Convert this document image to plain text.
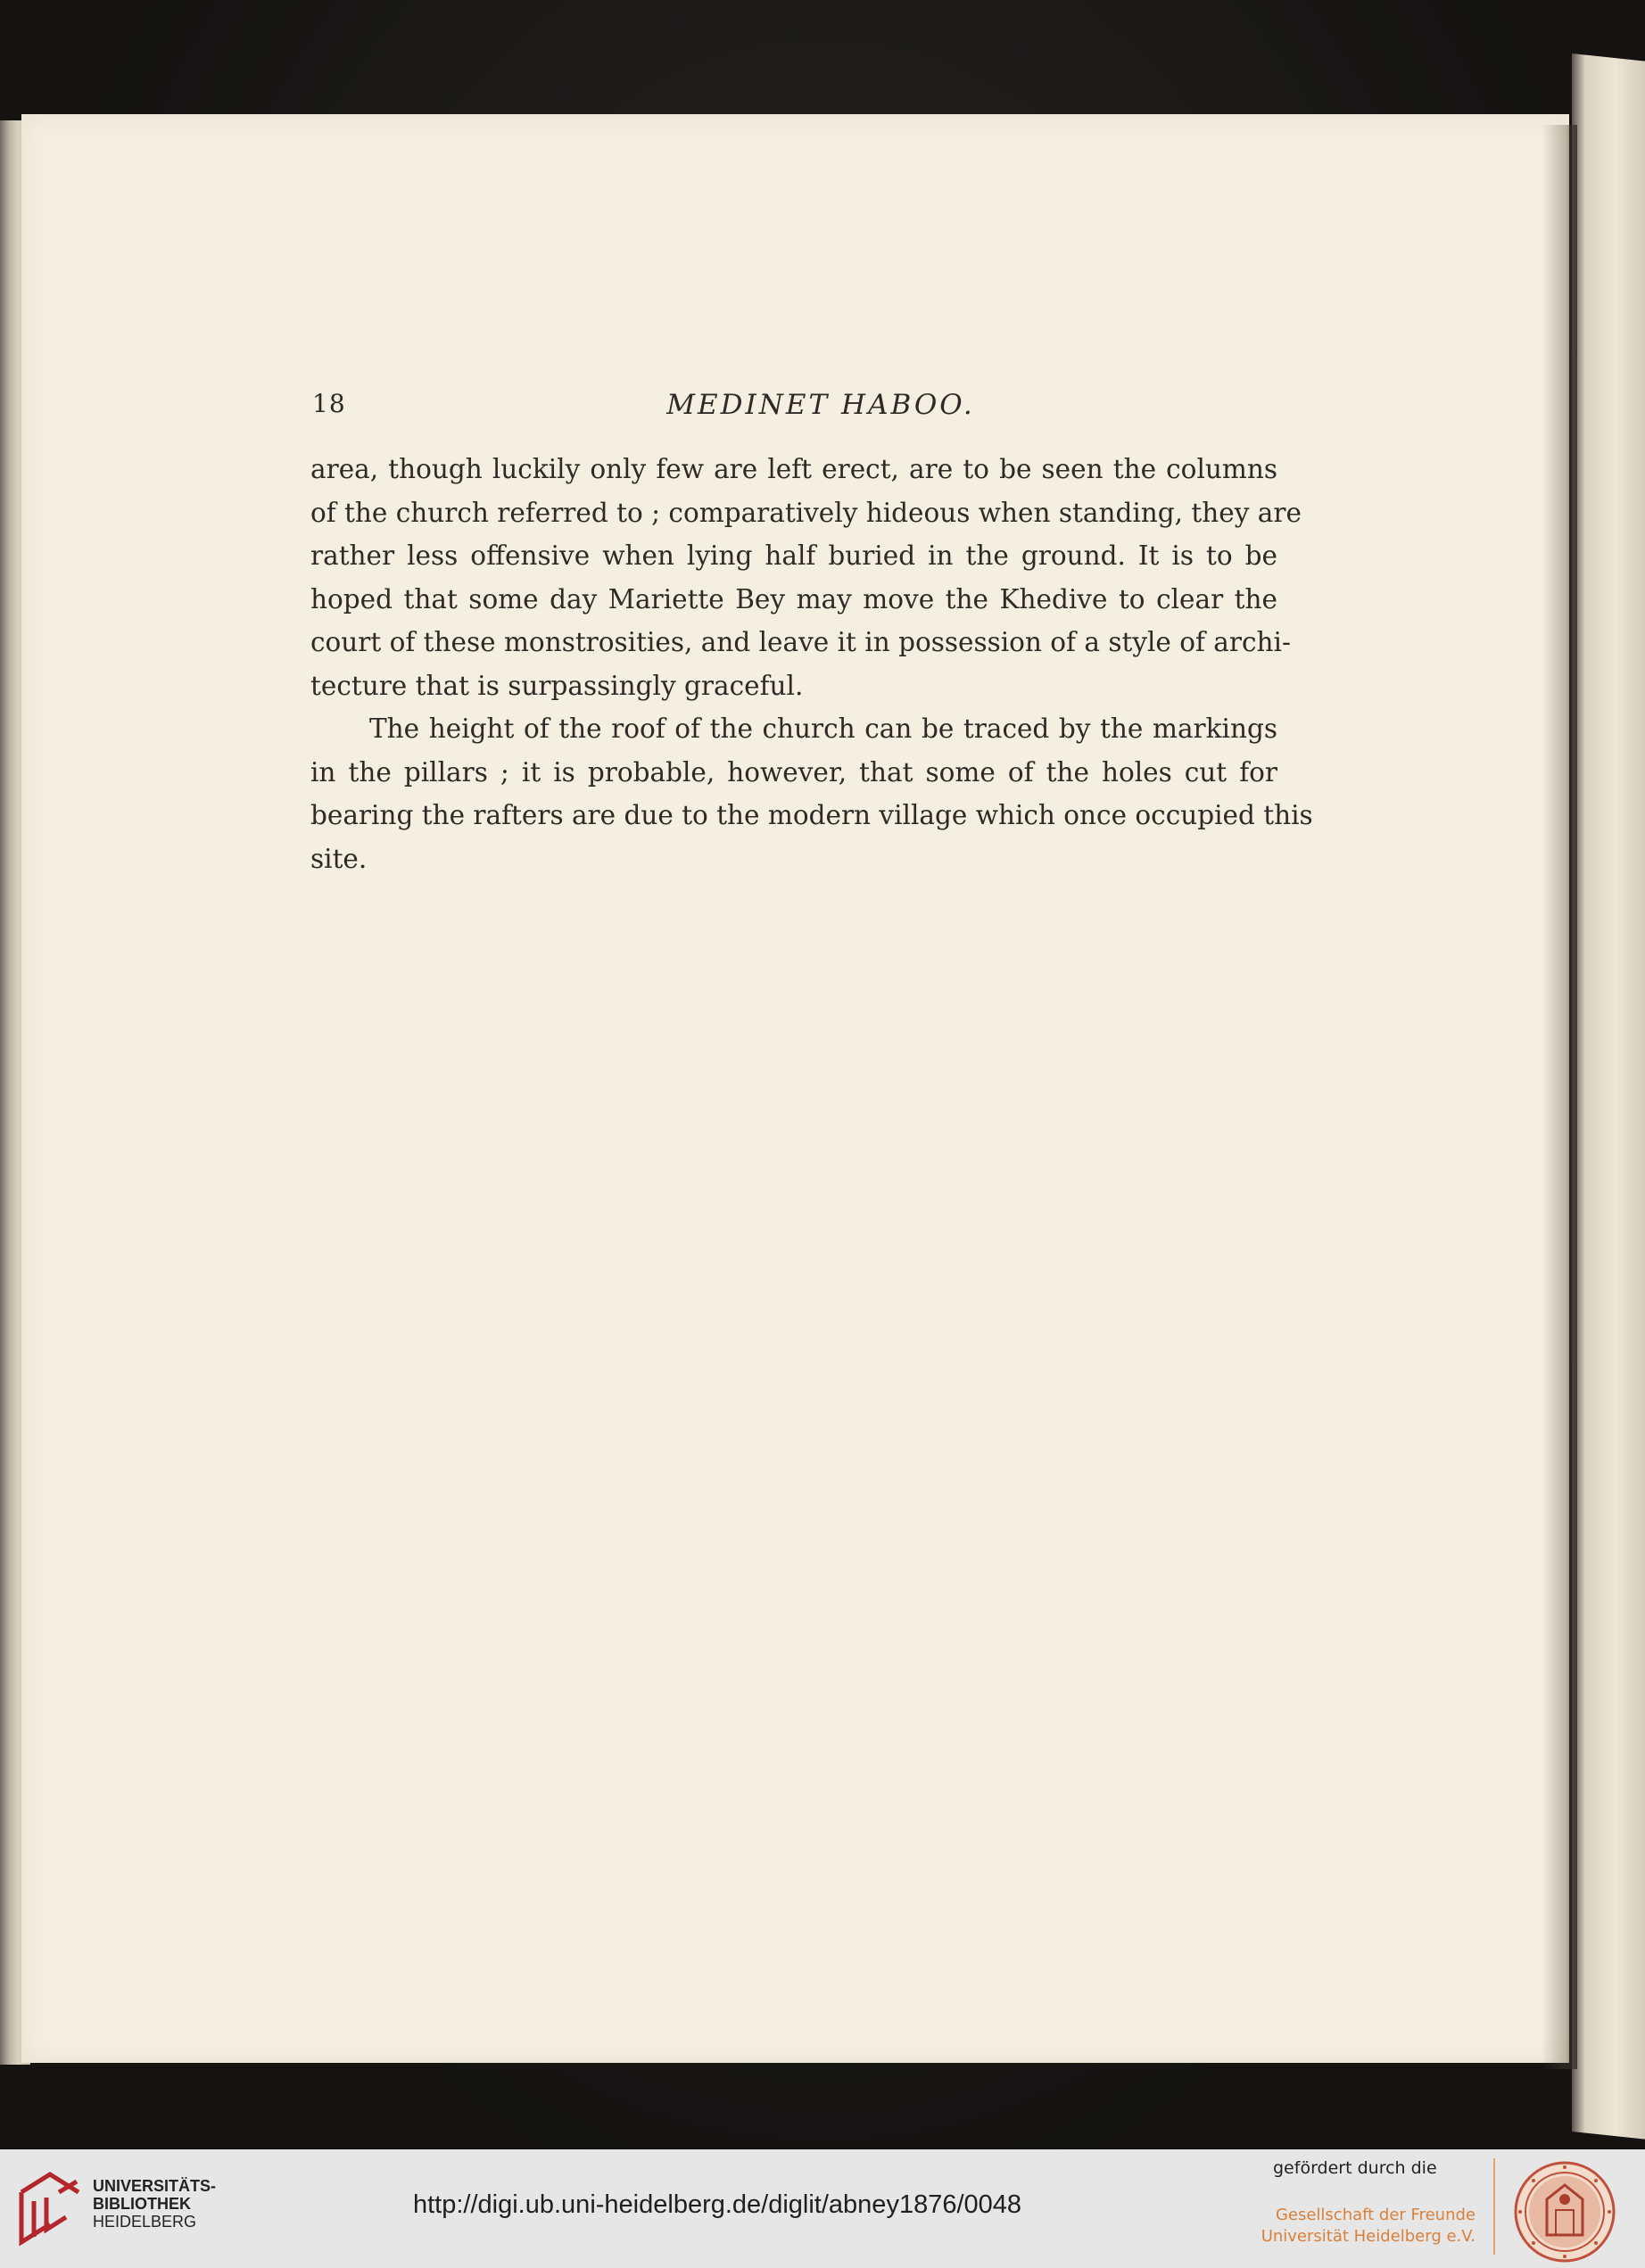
18	MEDINET HABOO.
area, though luckily only few are left erect, are to be seen the columns
of the church referred to ; comparatively hideous when standing, they are
rather less offensive when lying half buried in the ground. It is to be
hoped that some day Mariette Bey may move the Khedive to clear the
court of these monstrosities, and leave it in possession of a style of archi-
tecture that is surpassingly graceful.
The height of the roof of the church can be traced by the markings
in the pillars ; it is probable, however, that some of the holes cut for
bearing the rafters are due to the modern village which once occupied this
site.
UNIVERSITÄTS-
BIBLIOTHEK
HEIDELBERG
http://digi.ub.uni-heidelberg.de/diglit/abney1876/0048
gefördert durch die
Gesellschaft der Freunde
Universität Heidelberg e.V.
